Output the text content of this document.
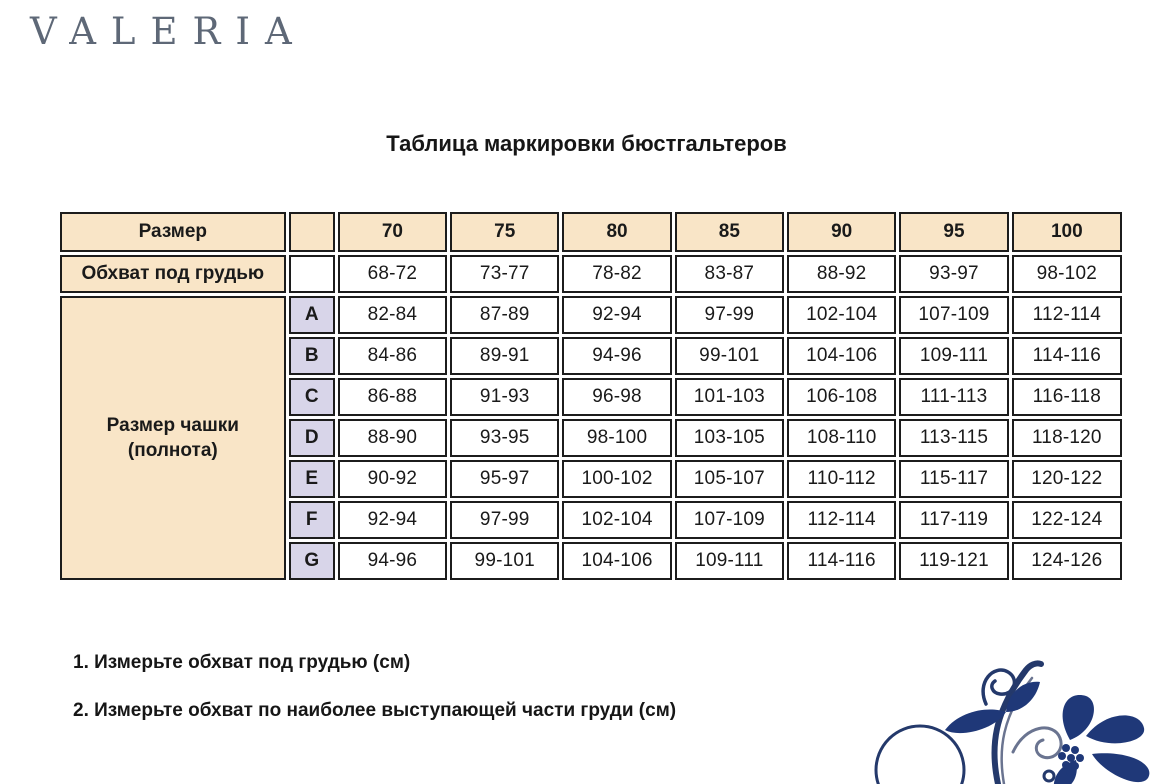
VALERIA
Таблица маркировки бюстгальтеров
Размер		70	75	80	85	90	95	100
Обхват под грудью		68-72	73-77	78-82	83-87	88-92	93-97	98-102

Размер чашки
(полнота)	A	82-84	87-89	92-94	97-99	102-104	107-109	112-114
	B	84-86	89-91	94-96	99-101	104-106	109-111	114-116
	C	86-88	91-93	96-98	101-103	106-108	111-113	116-118
	D	88-90	93-95	98-100	103-105	108-110	113-115	118-120
	E	90-92	95-97	100-102	105-107	110-112	115-117	120-122
	F	92-94	97-99	102-104	107-109	112-114	117-119	122-124
	G	94-96	99-101	104-106	109-111	114-116	119-121	124-126

1. Измерьте обхват под грудью (см)

2. Измерьте обхват по наиболее выступающей части груди (см)
